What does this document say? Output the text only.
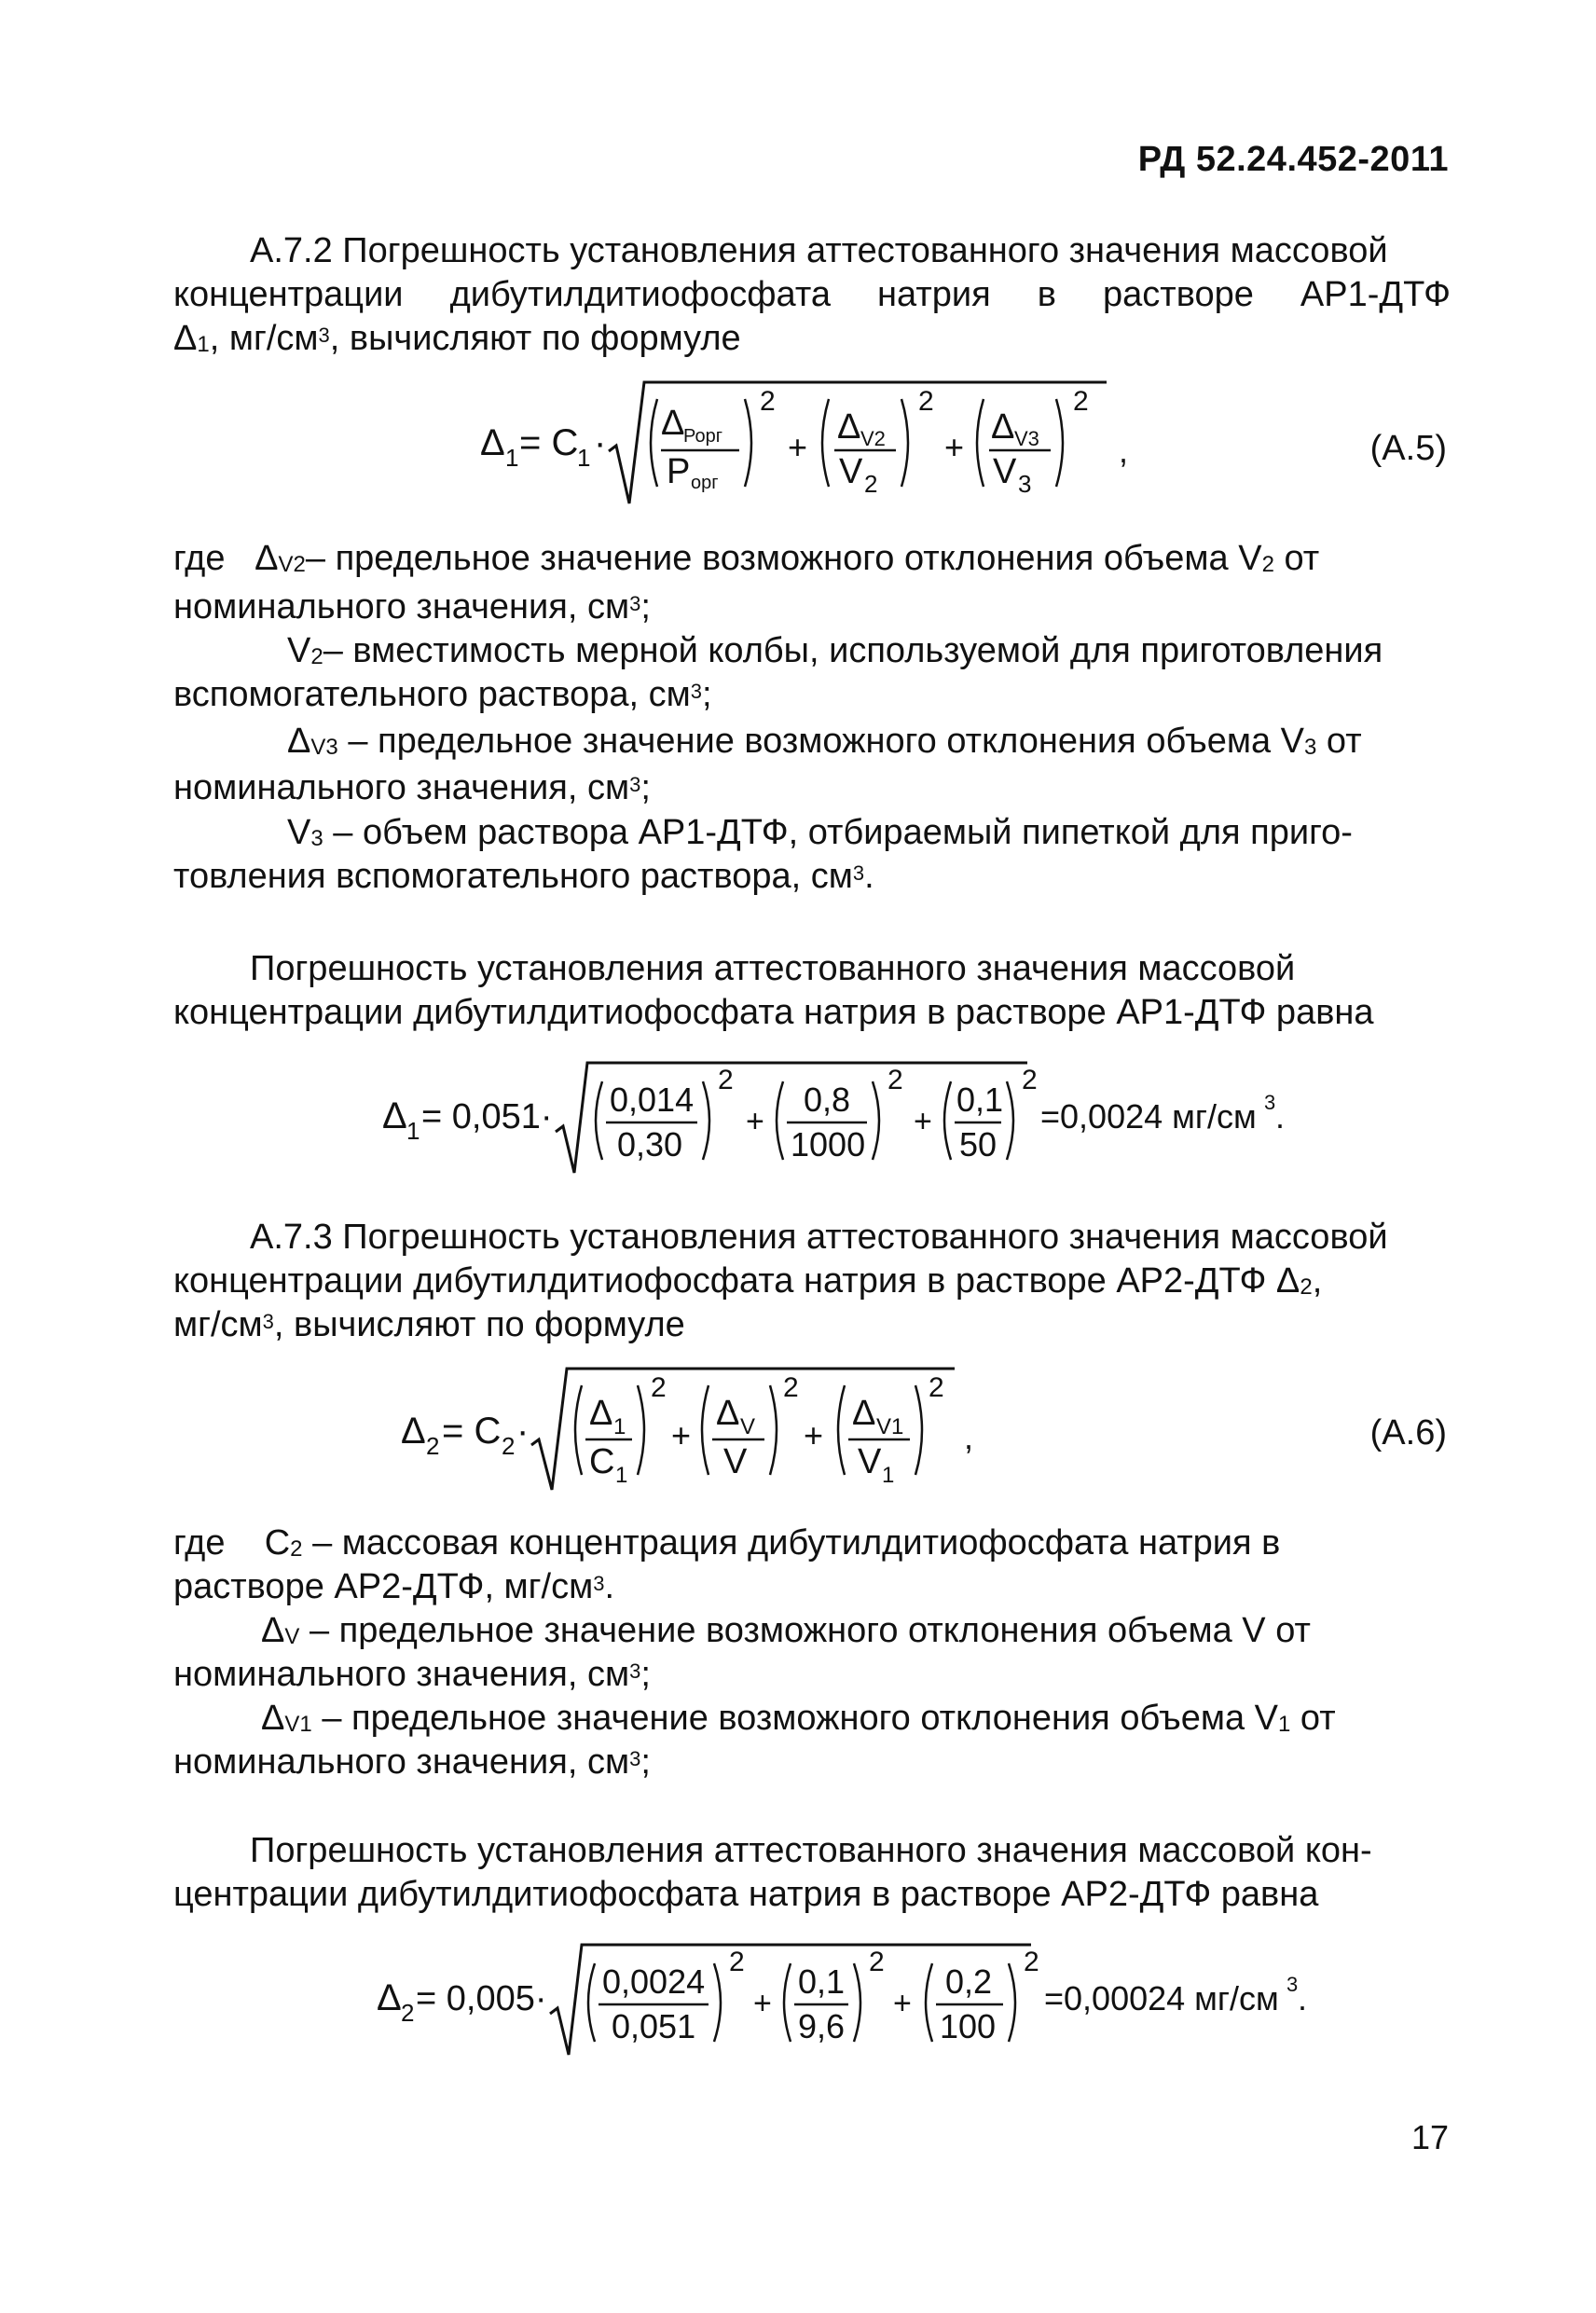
РД 52.24.452-2011
А.7.2 Погрешность установления аттестованного значения массовой
концентрации дибутилдитиофосфата натрия в растворе АР1-ДТФ
$\Delta_1$, $мг/см^3$, вычисляют по формуле
Δ 1 = C
1 · Δ
Рорг
Р орг
2
+
Δ V2
V 2
2
+
Δ V3
V 3
2
,	(А.5)
где $\Delta_{V2}-$ предельное значение возможного отклонения объема $V_2$ от
номинального значения, $см^3$;
$V_2-$ вместимость мерной колбы, используемой для приготовления
вспомогательного раствора, $см^3$;
$\Delta_{V3}$ – предельное значение возможного отклонения объема $V_3$ от
номинального значения, $см^3$;
$V_3$ – объем раствора АР1-ДТФ, отбираемый пипеткой для приго-
товления вспомогательного раствора, $см^3$.
Погрешность установления аттестованного значения массовой
концентрации дибутилдитиофосфата натрия в растворе АР1-ДТФ равна
Δ 1 = 0,051· 0,014
0,30
2
+
0,8
1000
2
+
0,1
50
2
=0,0024 мг/см 3 .
А.7.3 Погрешность установления аттестованного значения массовой
концентрации дибутилдитиофосфата натрия в растворе АР2-ДТФ $\Delta_2$,
$мг/см^3$, вычисляют по формуле
Δ 2 = C 2 · Δ 1
C 1
2
+
Δ V
V
2
+
Δ V1
V 1
2
,	(А.6)
где $С_2$ – массовая концентрация дибутилдитиофосфата натрия в
растворе АР2-ДТФ, $мг/см^3$.
$\Delta_V$ – предельное значение возможного отклонения объема V от
номинального значения, $см^3$;
$\Delta_{V1}$ – предельное значение возможного отклонения объема $V_1$ от
номинального значения, $см^3$;
Погрешность установления аттестованного значения массовой кон-
центрации дибутилдитиофосфата натрия в растворе АР2-ДТФ равна
Δ 2 = 0,005· 0,0024
0,051
2
+
0,1
9,6
2
+
0,2
100
2
=0,00024 мг/см 3 .
17
